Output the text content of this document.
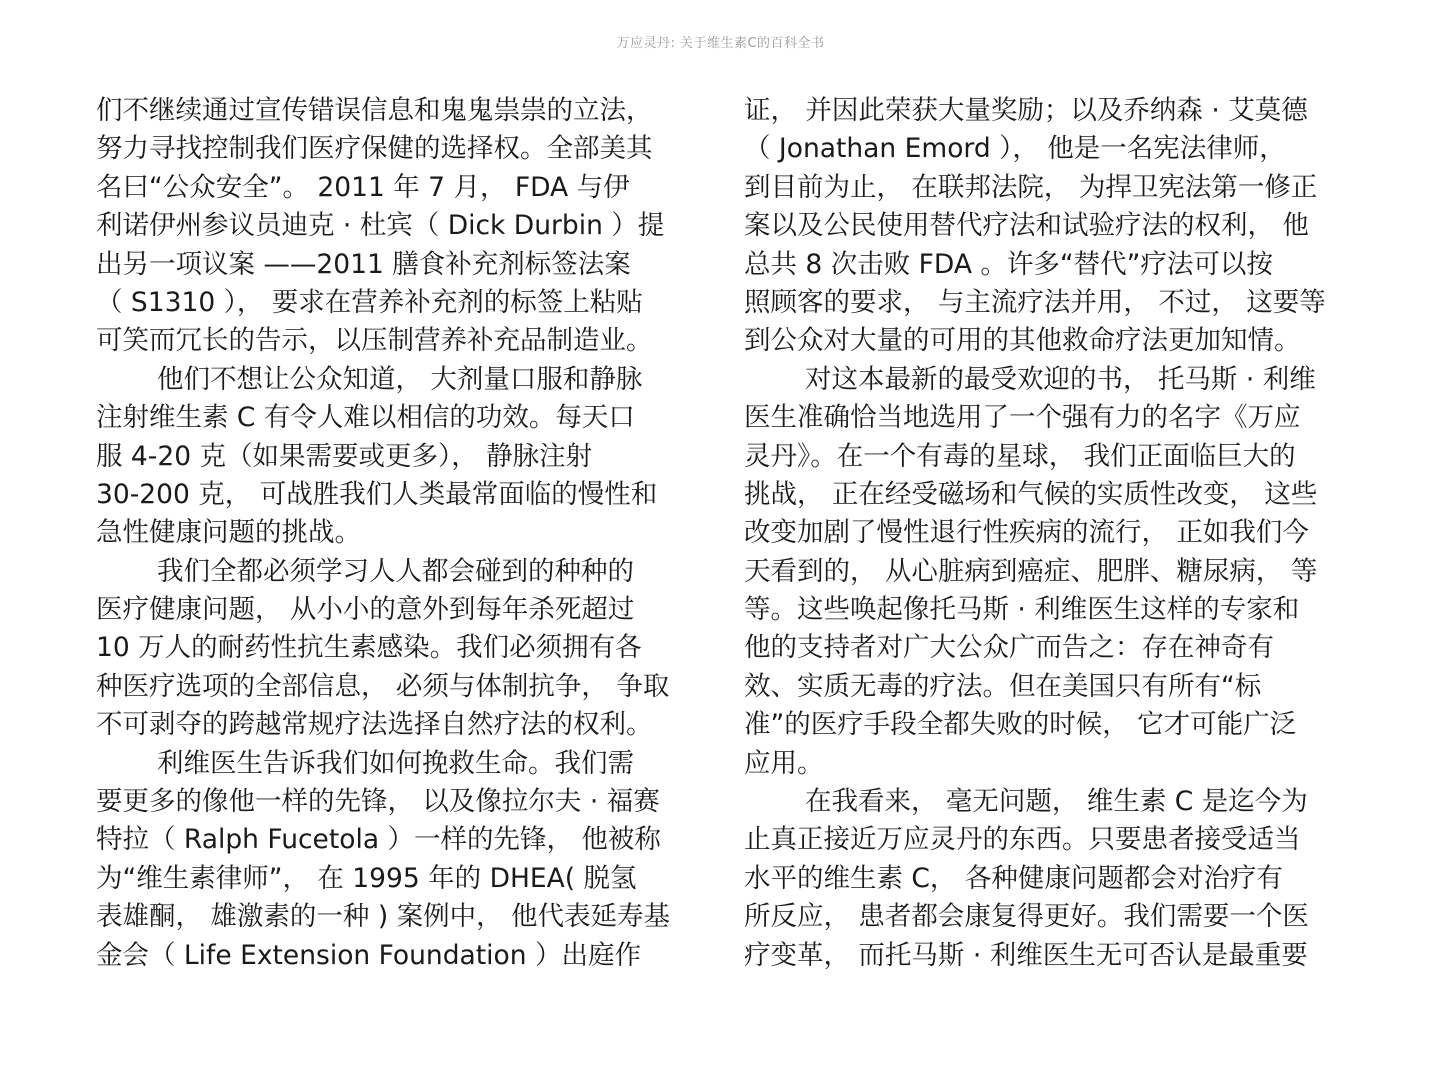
万应灵丹: 关于维生素C的百科全书
们不继续通过宣传错误信息和鬼鬼祟祟的立法，
努力寻找控制我们医疗保健的选择权。全部美其
名曰“公众安全”。 2011 年 7 月， FDA 与伊
利诺伊州参议员迪克 · 杜宾（ Dick Durbin ）提
出另一项议案 ——2011 膳食补充剂标签法案
（ S1310 ）， 要求在营养补充剂的标签上粘贴
可笑而冗长的告示，以压制营养补充品制造业。
他们不想让公众知道， 大剂量口服和静脉
注射维生素 C 有令人难以相信的功效。每天口
服 4-20 克（如果需要或更多）， 静脉注射
30-200 克， 可战胜我们人类最常面临的慢性和
急性健康问题的挑战。
我们全都必须学习人人都会碰到的种种的
医疗健康问题， 从小小的意外到每年杀死超过
10 万人的耐药性抗生素感染。我们必须拥有各
种医疗选项的全部信息， 必须与体制抗争， 争取
不可剥夺的跨越常规疗法选择自然疗法的权利。
利维医生告诉我们如何挽救生命。我们需
要更多的像他一样的先锋， 以及像拉尔夫 · 福赛
特拉（ Ralph Fucetola ）一样的先锋， 他被称
为“维生素律师”， 在 1995 年的 DHEA( 脱氢
表雄酮， 雄激素的一种 ) 案例中， 他代表延寿基
金会（ Life Extension Foundation ）出庭作
证， 并因此荣获大量奖励；以及乔纳森 · 艾莫德
（ Jonathan Emord ）， 他是一名宪法律师，
到目前为止， 在联邦法院， 为捍卫宪法第一修正
案以及公民使用替代疗法和试验疗法的权利， 他
总共 8 次击败 FDA 。许多“替代”疗法可以按
照顾客的要求， 与主流疗法并用， 不过， 这要等
到公众对大量的可用的其他救命疗法更加知情。
对这本最新的最受欢迎的书， 托马斯 · 利维
医生准确恰当地选用了一个强有力的名字《万应
灵丹》。在一个有毒的星球， 我们正面临巨大的
挑战， 正在经受磁场和气候的实质性改变， 这些
改变加剧了慢性退行性疾病的流行， 正如我们今
天看到的， 从心脏病到癌症、肥胖、糖尿病， 等
等。这些唤起像托马斯 · 利维医生这样的专家和
他的支持者对广大公众广而告之：存在神奇有
效、实质无毒的疗法。但在美国只有所有“标
准”的医疗手段全都失败的时候， 它才可能广泛
应用。
在我看来， 毫无问题， 维生素 C 是迄今为
止真正接近万应灵丹的东西。只要患者接受适当
水平的维生素 C， 各种健康问题都会对治疗有
所反应， 患者都会康复得更好。我们需要一个医
疗变革， 而托马斯 · 利维医生无可否认是最重要
